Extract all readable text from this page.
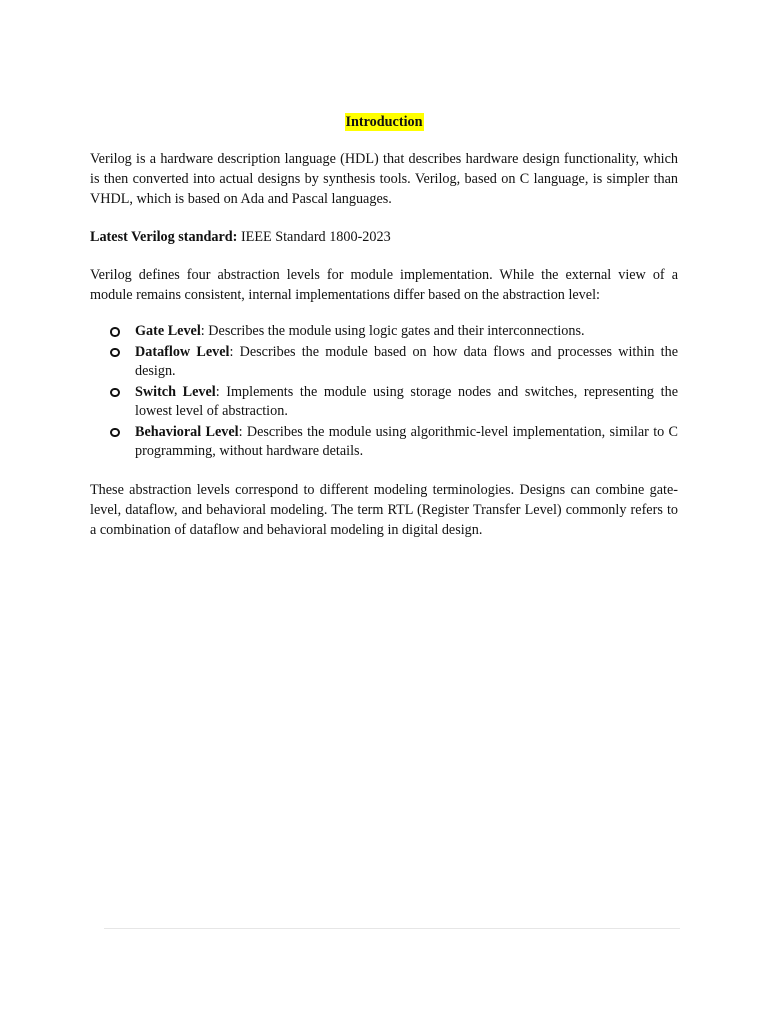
Introduction

Verilog is a hardware description language (HDL) that describes hardware design functionality, which is then converted into actual designs by synthesis tools. Verilog, based on C language, is simpler than VHDL, which is based on Ada and Pascal languages.

Latest Verilog standard: IEEE Standard 1800-2023

Verilog defines four abstraction levels for module implementation. While the external view of a module remains consistent, internal implementations differ based on the abstraction level:

Gate Level: Describes the module using logic gates and their interconnections.
Dataflow Level: Describes the module based on how data flows and processes within the design.
Switch Level: Implements the module using storage nodes and switches, representing the lowest level of abstraction.
Behavioral Level: Describes the module using algorithmic-level implementation, similar to C programming, without hardware details.

These abstraction levels correspond to different modeling terminologies. Designs can combine gate-level, dataflow, and behavioral modeling. The term RTL (Register Transfer Level) commonly refers to a combination of dataflow and behavioral modeling in digital design.
